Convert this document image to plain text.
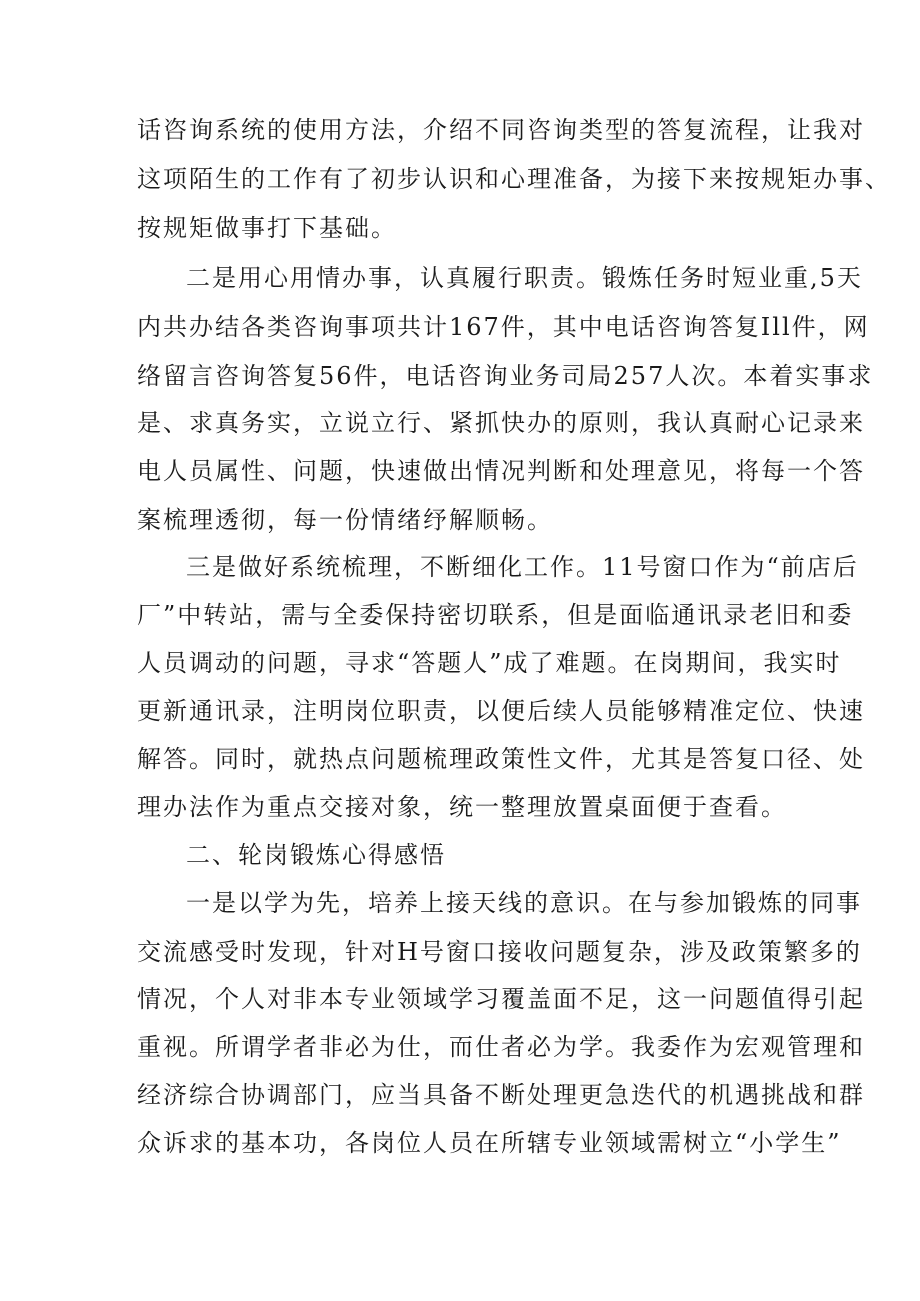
话咨询系统的使用方法，介绍不同咨询类型的答复流程，让我对
这项陌生的工作有了初步认识和心理准备，为接下来按规矩办事、
按规矩做事打下基础。
二是用心用情办事，认真履行职责。锻炼任务时短业重,5天
内共办结各类咨询事项共计167件，其中电话咨询答复Ill件，网
络留言咨询答复56件，电话咨询业务司局257人次。本着实事求
是、求真务实，立说立行、紧抓快办的原则，我认真耐心记录来
电人员属性、问题，快速做出情况判断和处理意见，将每一个答
案梳理透彻，每一份情绪纾解顺畅。
三是做好系统梳理，不断细化工作。11号窗口作为“前店后
厂”中转站，需与全委保持密切联系，但是面临通讯录老旧和委
人员调动的问题，寻求“答题人”成了难题。在岗期间，我实时
更新通讯录，注明岗位职责，以便后续人员能够精准定位、快速
解答。同时，就热点问题梳理政策性文件，尤其是答复口径、处
理办法作为重点交接对象，统一整理放置桌面便于查看。
二、轮岗锻炼心得感悟
一是以学为先，培养上接天线的意识。在与参加锻炼的同事
交流感受时发现，针对H号窗口接收问题复杂，涉及政策繁多的
情况，个人对非本专业领域学习覆盖面不足，这一问题值得引起
重视。所谓学者非必为仕，而仕者必为学。我委作为宏观管理和
经济综合协调部门，应当具备不断处理更急迭代的机遇挑战和群
众诉求的基本功，各岗位人员在所辖专业领域需树立“小学生”
